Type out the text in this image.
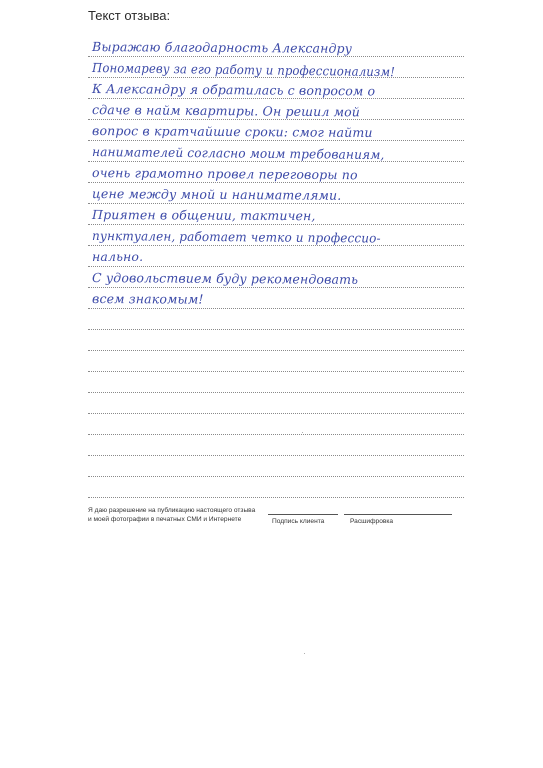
Текст отзыва:
Выражаю благодарность Александру
Пономареву за его работу и профессионализм!
К Александру я обратилась с вопросом о
сдаче в найм квартиры. Он решил мой
вопрос в кратчайшие сроки: смог найти
нанимателей согласно моим требованиям,
очень грамотно провел переговоры по
цене между мной и нанимателями.
Приятен в общении, тактичен,
пунктуален, работает четко и профессио-
нально.
С удовольствием буду рекомендовать
всем знакомым!
Я даю разрешение на публикацию настоящего отзыва
и моей фотографии в печатных СМИ и Интернете	Подпись клиента	Расшифровка
